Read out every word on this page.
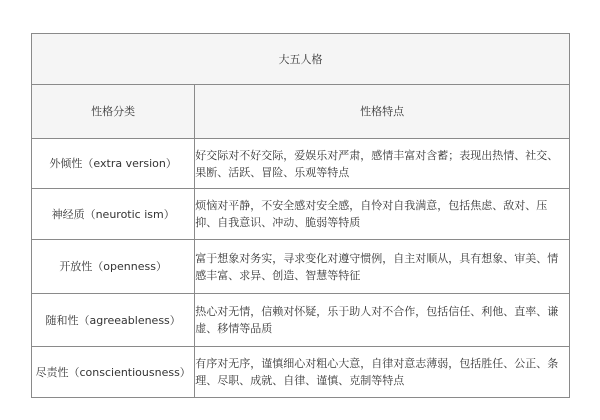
大五人格	
性格分类	性格特点
外倾性（extra version）	好交际对不好交际，爱娱乐对严肃，感情丰富对含蓄；表现出热情、社交、果断、活跃、冒险、乐观等特点
神经质（neurotic ism）	烦恼对平静，不安全感对安全感，自怜对自我满意，包括焦虑、敌对、压抑、自我意识、冲动、脆弱等特质
开放性（openness）	富于想象对务实，寻求变化对遵守惯例，自主对顺从，具有想象、审美、情感丰富、求异、创造、智慧等特征
随和性（agreeableness）	热心对无情，信赖对怀疑，乐于助人对不合作，包括信任、利他、直率、谦虚、移情等品质
尽责性（conscientiousness）	有序对无序，谨慎细心对粗心大意，自律对意志薄弱，包括胜任、公正、条理、尽职、成就、自律、谨慎、克制等特点
